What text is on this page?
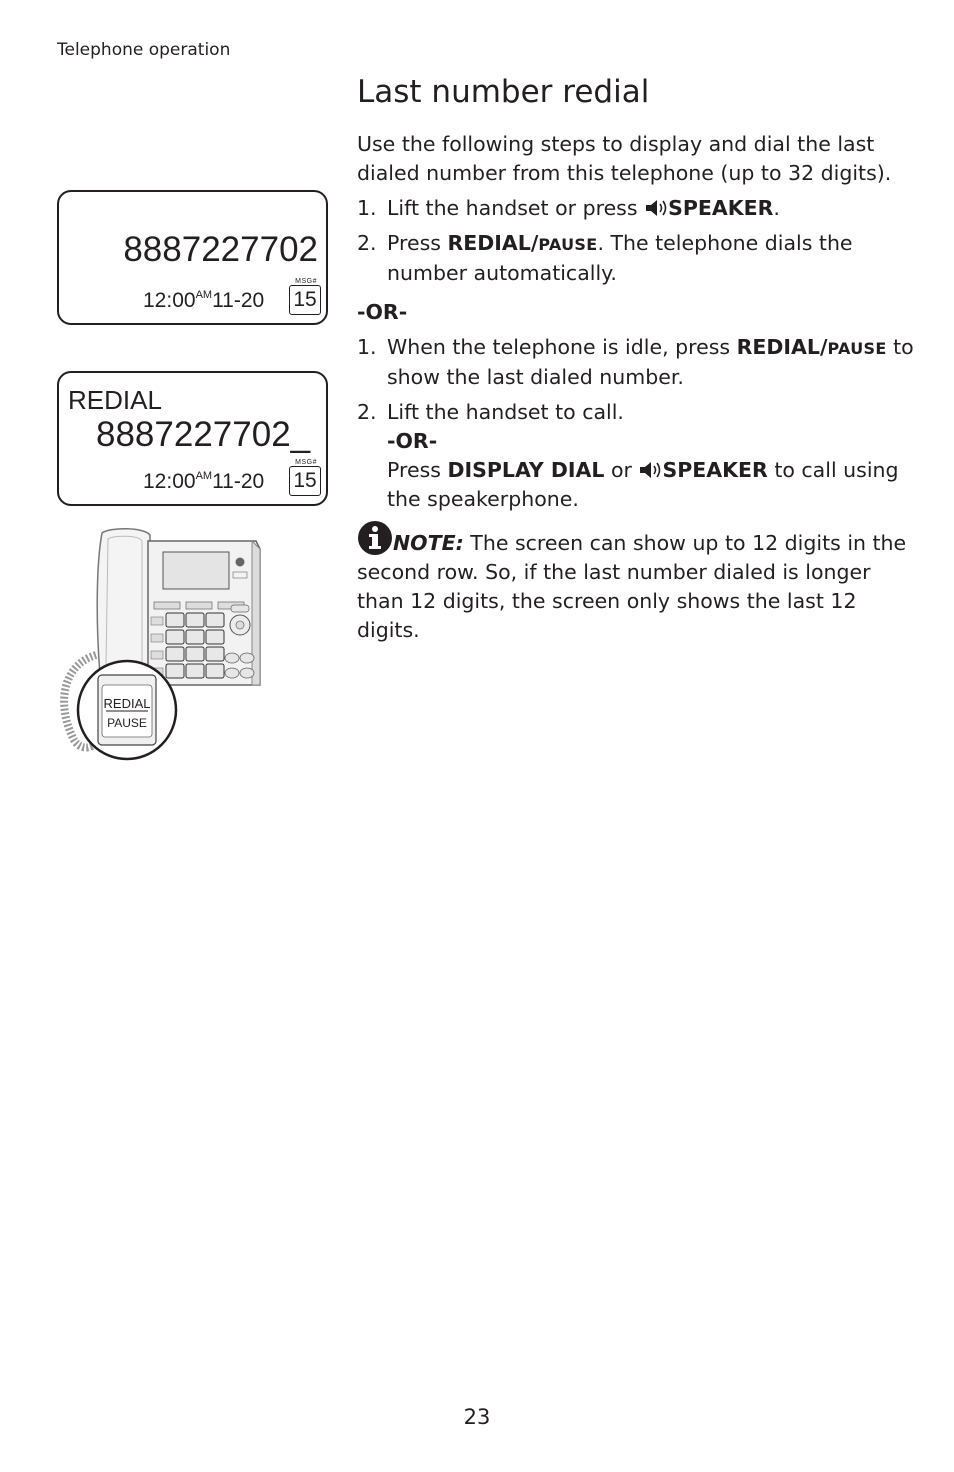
Telephone operation
Last number redial
8887227702
$12:00^{AM}11-20$
MSG#
15
REDIAL
8887227702_
$12:00^{AM}11-20$
MSG#
15
REDIAL
PAUSE

Use the following steps to display and dial the last dialed number from this telephone (up to 32 digits).

1. Lift the handset or press SPEAKER.
2. Press REDIAL/PAUSE. The telephone dials the number automatically.

-OR-

1. When the telephone is idle, press REDIAL/PAUSE to show the last dialed number.
2. Lift the handset to call.
-OR-
Press DISPLAY DIAL or SPEAKER to call using the speakerphone.

NOTE: The screen can show up to 12 digits in the second row. So, if the last number dialed is longer than 12 digits, the screen only shows the last 12 digits.

23
